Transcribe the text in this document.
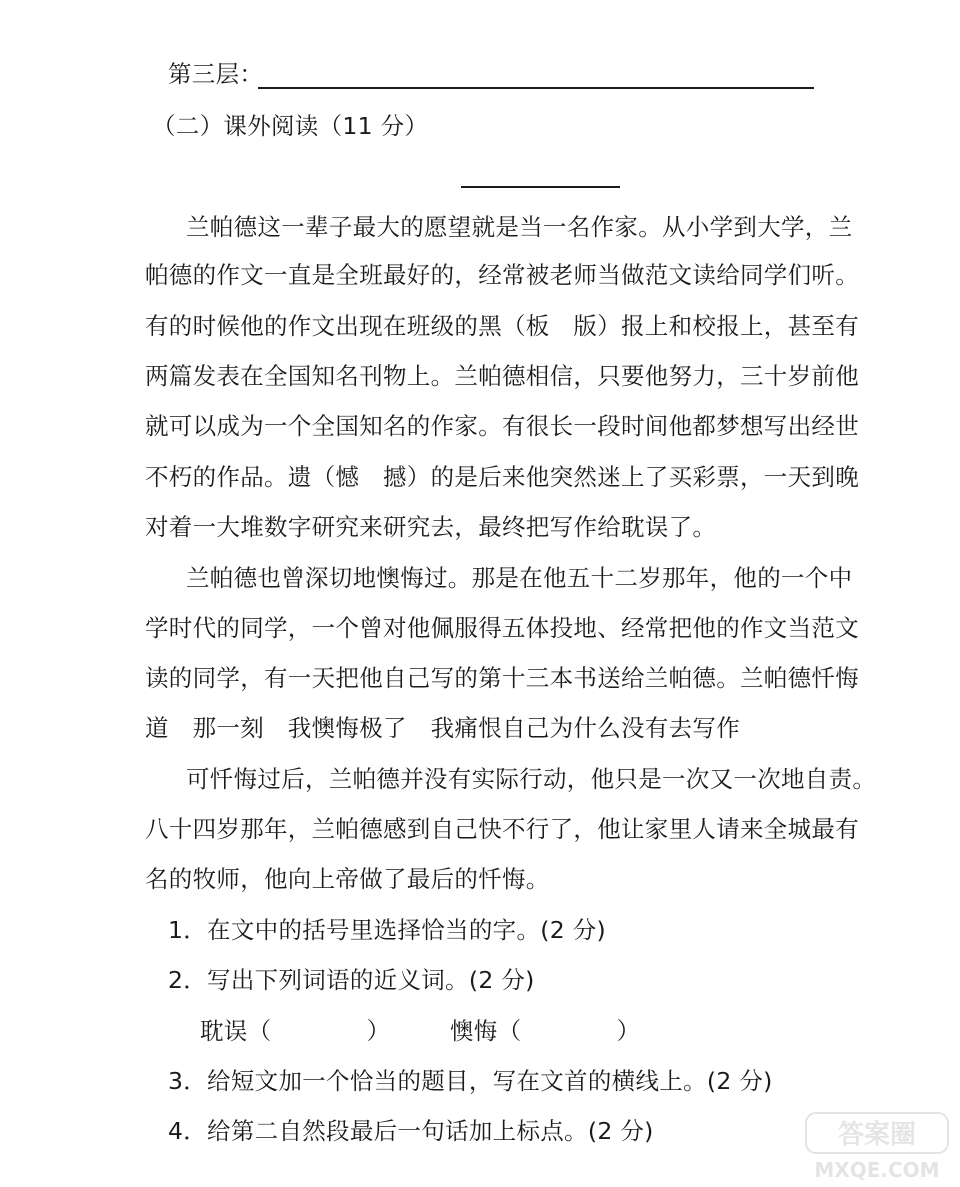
第三层：
（二）课外阅读（11 分）
兰帕德这一辈子最大的愿望就是当一名作家。从小学到大学，兰
帕德的作文一直是全班最好的，经常被老师当做范文读给同学们听。
有的时候他的作文出现在班级的黑（板　版）报上和校报上，甚至有
两篇发表在全国知名刊物上。兰帕德相信，只要他努力，三十岁前他
就可以成为一个全国知名的作家。有很长一段时间他都梦想写出经世
不朽的作品。遗（憾　撼）的是后来他突然迷上了买彩票，一天到晚
对着一大堆数字研究来研究去，最终把写作给耽误了。
兰帕德也曾深切地懊悔过。那是在他五十二岁那年，他的一个中
学时代的同学，一个曾对他佩服得五体投地、经常把他的作文当范文
读的同学，有一天把他自己写的第十三本书送给兰帕德。兰帕德忏悔
道　那一刻　我懊悔极了　我痛恨自己为什么没有去写作
可忏悔过后，兰帕德并没有实际行动，他只是一次又一次地自责。
八十四岁那年，兰帕德感到自己快不行了，他让家里人请来全城最有
名的牧师，他向上帝做了最后的忏悔。
1．在文中的括号里选择恰当的字。(2 分)
2．写出下列词语的近义词。(2 分)
耽误（　　　　）	懊悔（　　　　）
3．给短文加一个恰当的题目，写在文首的横线上。(2 分)
4．给第二自然段最后一句话加上标点。(2 分)	答案圈
MXQE.COM
